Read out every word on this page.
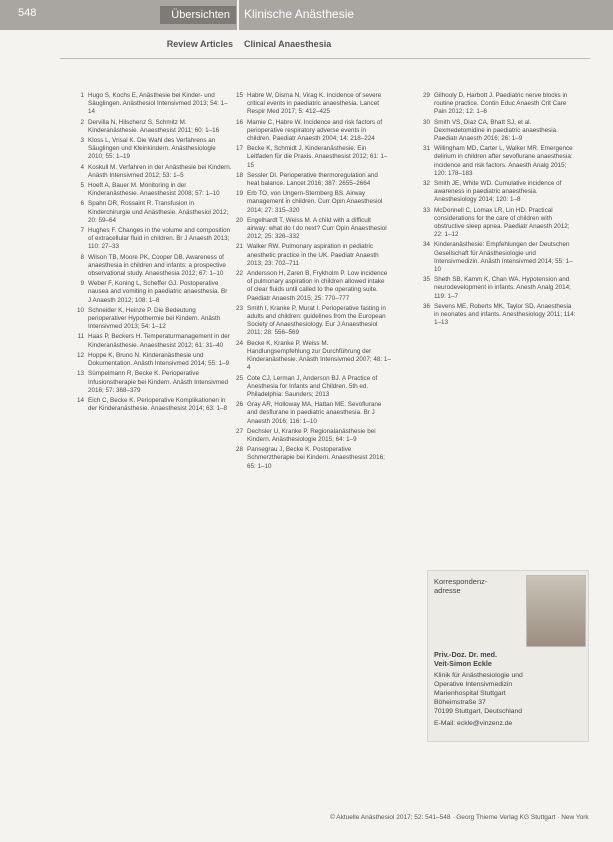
548	Übersichten	Klinische Anästhesie
Review Articles Clinical Anaesthesia
1 Hugo S, Kochs E, Anästhesie bei Kinder- und Säuglingen. Anästhesiol Intensivmed 2013; 54: 1–14
2 Dervilla N, Hilschenz S, Schmitz M. Kinderanästhesie. Anaesthesist 2011; 60: 1–16
3 Kloss L, Vrisal K. Die Wahl des Verfahrens an Säuglingen und Kleinkindern. Anästhesiologie 2010; 55: 1–19
4 Koskull M. Verfahren in der Anästhesie bei Kindern. Anästh Intensivmed 2012; 53: 1–5
5 Hoeft A, Bauer M. Monitoring in der Kinderanästhesie. Anaesthesist 2008; 57: 1–10
6 Spahn DR, Rossaint R. Transfusion in Kinderchirurgie und Anästhesie. Anästhesiol 2012; 20: 59–64
7 Hughes F. Changes in the volume and composition of extracellular fluid in children. Br J Anaesth 2013; 110: 27–33
8 Wilson TB, Moore PK, Cooper DB. Awareness of anaesthesia in children and infants: a prospective observational study. Anaesthesia 2012; 67: 1–10
9 Weber F, Koning L, Scheffer GJ. Postoperative nausea and vomiting in paediatric anaesthesia. Br J Anaesth 2012; 108: 1–8
10 Schneider K, Heinze P. Die Bedeutung perioperativer Hypothermie bei Kindern. Anästh Intensivmed 2013; 54: 1–12
11 Haas P, Beckers H. Temperaturmanagement in der Kinderanästhesie. Anaesthesist 2012; 61: 31–40
12 Hoppe K, Bruno N. Kinderanästhesie und Dokumentation. Anästh Intensivmed 2014; 55: 1–9
13 Sümpelmann R, Becke K. Perioperative Infusionstherapie bei Kindern. Anästh Intensivmed 2016; 57: 368–379
14 Eich C, Becke K. Perioperative Komplikationen in der Kinderanästhesie. Anaesthesist 2014; 63: 1–8
15 Habre W, Disma N, Virag K. Incidence of severe critical events in paediatric anaesthesia. Lancet Respir Med 2017; 5: 412–425
16 Mamie C, Habre W. Incidence and risk factors of perioperative respiratory adverse events in children. Paediatr Anaesth 2004; 14: 218–224
17 Becke K, Schmidt J. Kinderanästhesie. Ein Leitfaden für die Praxis. Anaesthesist 2012; 61: 1–15
18 Sessler DI. Perioperative thermoregulation and heat balance. Lancet 2016; 387: 2655–2664
19 Erb TO, von Ungern-Sternberg BS. Airway management in children. Curr Opin Anaesthesiol 2014; 27: 315–320
20 Engelhardt T, Weiss M. A child with a difficult airway: what do I do next? Curr Opin Anaesthesiol 2012; 25: 326–332
21 Walker RW. Pulmonary aspiration in pediatric anesthetic practice in the UK. Paediatr Anaesth 2013; 23: 702–711
22 Andersson H, Zaren B, Frykholm P. Low incidence of pulmonary aspiration in children allowed intake of clear fluids until called to the operating suite. Paediatr Anaesth 2015; 25: 770–777
23 Smith I, Kranke P, Murat I. Perioperative fasting in adults and children: guidelines from the European Society of Anaesthesiology. Eur J Anaesthesiol 2011; 28: 556–569
24 Becke K, Kranke P, Weiss M. Handlungsempfehlung zur Durchführung der Kinderanästhesie. Anästh Intensivmed 2007; 48: 1–4
25 Cote CJ, Lerman J, Anderson BJ. A Practice of Anesthesia for Infants and Children. 5th ed. Philadelphia: Saunders; 2013
26 Gray AR, Holloway MA, Hattan ME. Sevoflurane and desflurane in paediatric anaesthesia. Br J Anaesth 2016; 116: 1–10
27 Dechsler U, Kranke P. Regionalanästhesie bei Kindern. Anästhesiologie 2015; 64: 1–9
28 Pansegrau J, Becke K. Postoperative Schmerztherapie bei Kindern. Anaesthesist 2016; 65: 1–10
29 Gilhooly D, Harbott J. Paediatric nerve blocks in routine practice. Contin Educ Anaesth Crit Care Pain 2012; 12: 1–6
30 Smith VS, Diaz CA, Bhatt SJ, et al. Dexmedetomidine in paediatric anaesthesia. Paediatr Anaesth 2016; 26: 1–9
31 Willingham MD, Carter L, Walker MR. Emergence delirium in children after sevoflurane anaesthesia: incidence and risk factors. Anaesth Analg 2015; 120: 178–183
32 Smith JE, White WD. Cumulative incidence of awareness in paediatric anaesthesia. Anesthesiology 2014; 120: 1–8
33 McDonnell C, Lomax LR, Lin HD. Practical considerations for the care of children with obstructive sleep apnea. Paediatr Anaesth 2012; 22: 1–12
34 Kinderanästhesie: Empfehlungen der Deutschen Gesellschaft für Anästhesiologie und Intensivmedizin. Anästh Intensivmed 2014; 55: 1–10
35 Sheth SB, Kamm K, Chan WA. Hypotension and neurodevelopment in infants. Anesth Analg 2014; 119: 1–7
36 Sevens ME, Roberts MK, Taylor SD. Anaesthesia in neonates and infants. Anesthesiology 2011; 114: 1–13
Korrespondenz-
adresse
Priv.-Doz. Dr. med.
Veit-Simon Eckle
Klinik für Anästhesiologie und
Operative Intensivmedizin
Marienhospital Stuttgart
Böheimstraße 37
70199 Stuttgart, Deutschland
E-Mail: eckle@vinzenz.de
© Aktuelle Anästhesiol 2017; 52: 541–548 · Georg Thieme Verlag KG Stuttgart · New York
